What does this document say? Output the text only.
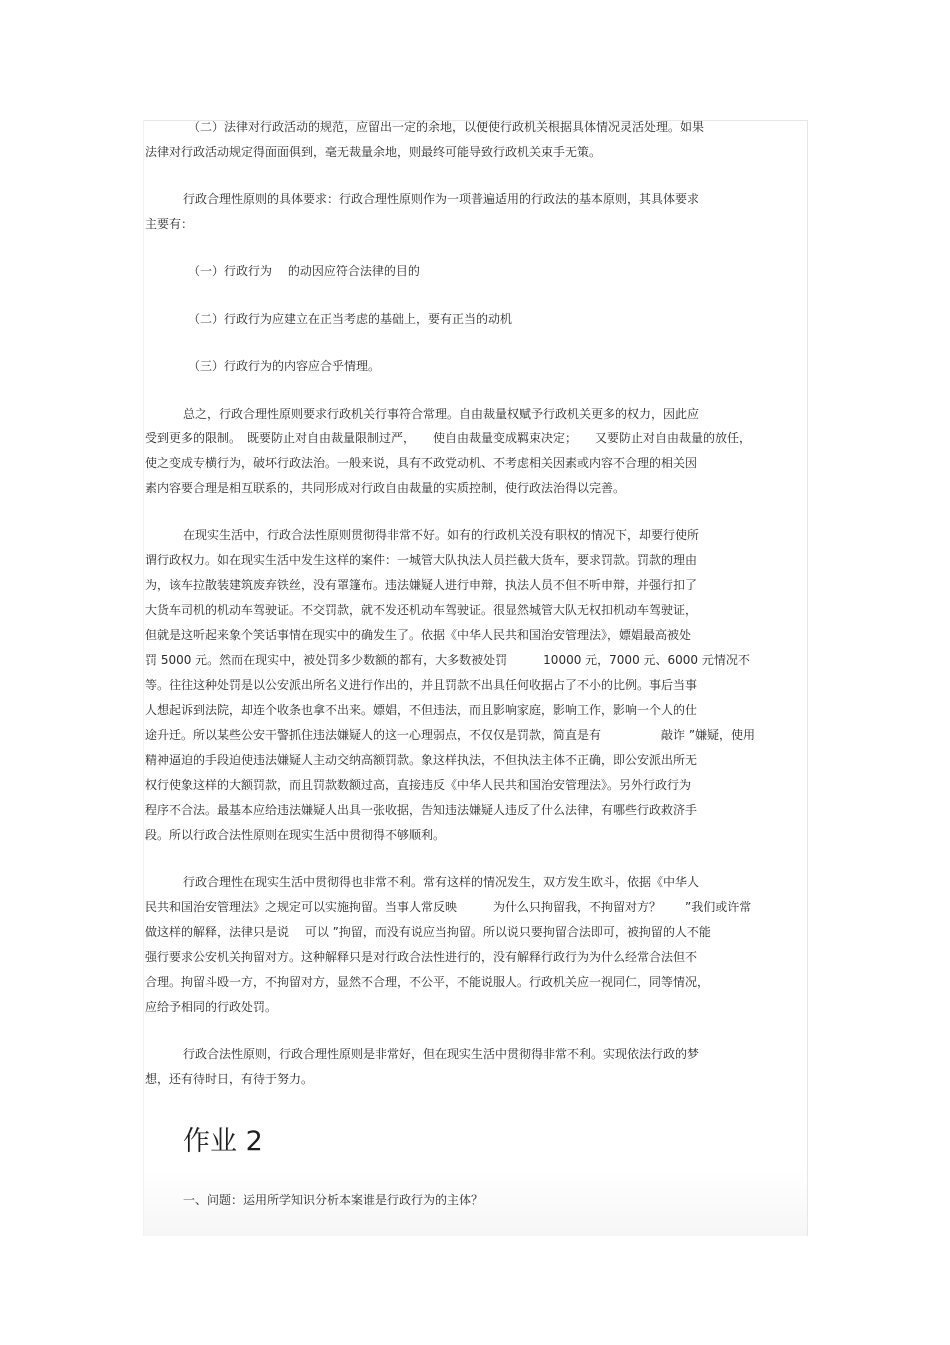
（二）法律对行政活动的规范，应留出一定的余地，以便使行政机关根据具体情况灵活处理。如果
法律对行政活动规定得面面俱到，毫无裁量余地，则最终可能导致行政机关束手无策。
行政合理性原则的具体要求：行政合理性原则作为一项普遍适用的行政法的基本原则，其具体要求
主要有：
（一）行政行为　 的动因应符合法律的目的
（二）行政行为应建立在正当考虑的基础上，要有正当的动机
（三）行政行为的内容应合乎情理。
总之，行政合理性原则要求行政机关行事符合常理。自由裁量权赋予行政机关更多的权力，因此应
受到更多的限制。　既要防止对自由裁量限制过严，　　使自由裁量变成羁束决定；　　又要防止对自由裁量的放任，
使之变成专横行为，破坏行政法治。一般来说，具有不政党动机、不考虑相关因素或内容不合理的相关因
素内容要合理是相互联系的，共同形成对行政自由裁量的实质控制，使行政法治得以完善。
在现实生活中，行政合法性原则贯彻得非常不好。如有的行政机关没有职权的情况下，却要行使所
谓行政权力。如在现实生活中发生这样的案件：一城管大队执法人员拦截大货车，要求罚款。罚款的理由
为，该车拉散装建筑废弃铁丝，没有罩篷布。违法嫌疑人进行申辩，执法人员不但不听申辩，并强行扣了
大货车司机的机动车驾驶证。不交罚款，就不发还机动车驾驶证。很显然城管大队无权扣机动车驾驶证，
但就是这听起来象个笑话事情在现实中的确发生了。依据《中华人民共和国治安管理法》，嫖娼最高被处
罚 5000 元。然而在现实中，被处罚多少数额的都有，大多数被处罚　　　10000 元，7000 元、6000 元情况不
等。往往这种处罚是以公安派出所名义进行作出的，并且罚款不出具任何收据占了不小的比例。事后当事
人想起诉到法院，却连个收条也拿不出来。嫖娼，不但违法，而且影响家庭，影响工作，影响一个人的仕
途升迁。所以某些公安干警抓住违法嫌疑人的这一心理弱点，不仅仅是罚款，简直是有　　　　　敲诈 ”嫌疑，使用
精神逼迫的手段迫使违法嫌疑人主动交纳高额罚款。象这样执法，不但执法主体不正确，即公安派出所无
权行使象这样的大额罚款，而且罚款数额过高，直接违反《中华人民共和国治安管理法》。另外行政行为
程序不合法。最基本应给违法嫌疑人出具一张收据，告知违法嫌疑人违反了什么法律，有哪些行政救济手
段。所以行政合法性原则在现实生活中贯彻得不够顺利。
行政合理性在现实生活中贯彻得也非常不利。常有这样的情况发生，双方发生欧斗，依据《中华人
民共和国治安管理法》之规定可以实施拘留。当事人常反映　　　为什么只拘留我，不拘留对方？　　”我们或许常
做这样的解释，法律只是说　 可以 ”拘留，而没有说应当拘留。所以说只要拘留合法即可，被拘留的人不能
强行要求公安机关拘留对方。这种解释只是对行政合法性进行的，没有解释行政行为为什么经常合法但不
合理。拘留斗殴一方，不拘留对方，显然不合理，不公平，不能说服人。行政机关应一视同仁，同等情况，
应给予相同的行政处罚。
行政合法性原则，行政合理性原则是非常好，但在现实生活中贯彻得非常不利。实现依法行政的梦
想，还有待时日，有待于努力。
作业 2
一、问题：运用所学知识分析本案谁是行政行为的主体？
